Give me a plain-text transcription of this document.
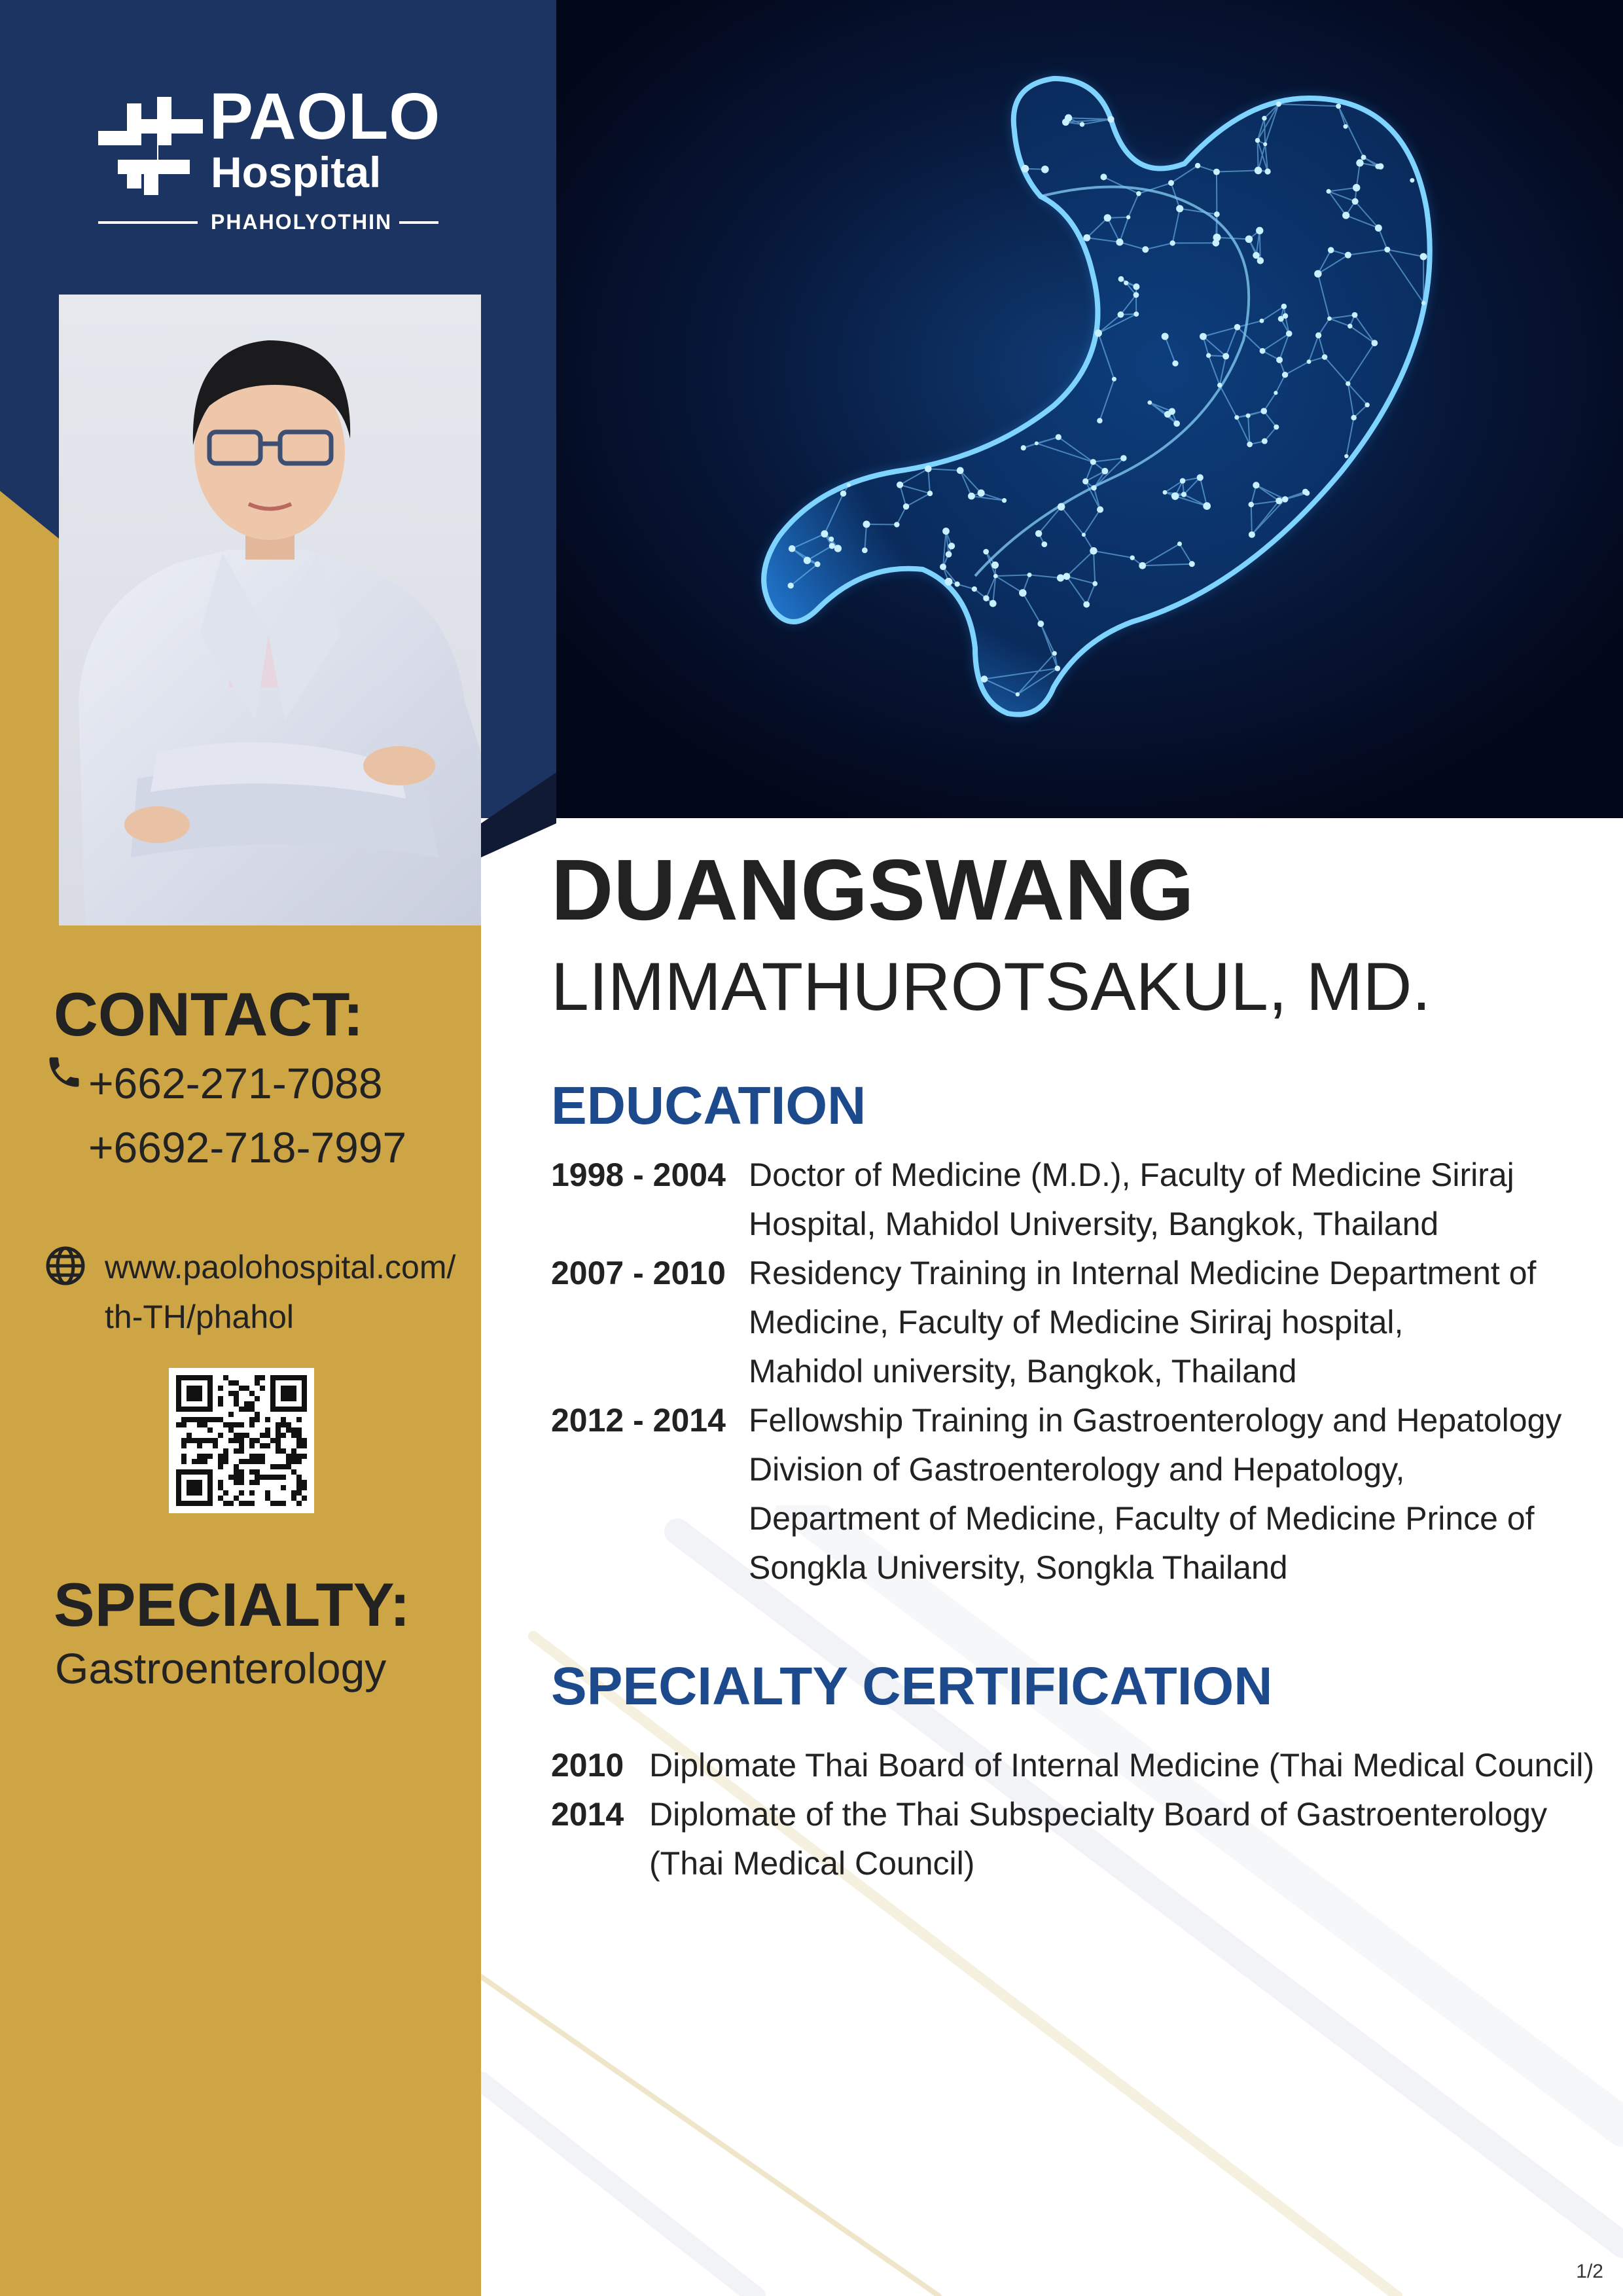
PAOLO
Hospital
PHAHOLYOTHIN
CONTACT:
+662-271-7088
+6692-718-7997
www.paolohospital.com/
th-TH/phahol
SPECIALTY:
Gastroenterology
DUANGSWANG
LIMMATHUROTSAKUL, MD.
EDUCATION
1998 - 2004 Doctor of Medicine (M.D.), Faculty of Medicine Siriraj
Hospital, Mahidol University, Bangkok, Thailand
2007 - 2010 Residency Training in Internal Medicine Department of
Medicine, Faculty of Medicine Siriraj hospital,
Mahidol university, Bangkok, Thailand
2012 - 2014 Fellowship Training in Gastroenterology and Hepatology
Division of Gastroenterology and Hepatology,
Department of Medicine, Faculty of Medicine Prince of
Songkla University, Songkla Thailand
SPECIALTY CERTIFICATION
2010 Diplomate Thai Board of Internal Medicine (Thai Medical Council)
2014 Diplomate of the Thai Subspecialty Board of Gastroenterology
(Thai Medical Council)
1/2
